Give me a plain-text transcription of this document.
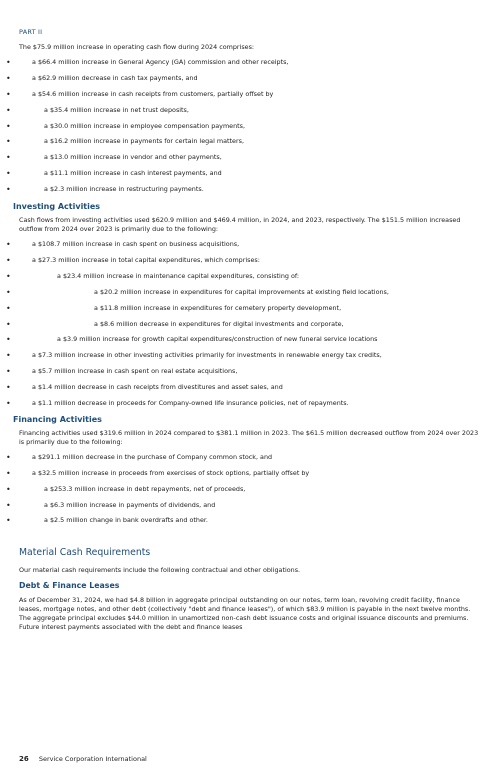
PART II

The $75.9 million increase in operating cash flow during 2024 comprises:

• a $66.4 million increase in General Agency (GA) commission and other receipts,
• a $62.9 million decrease in cash tax payments, and
• a $54.6 million increase in cash receipts from customers, partially offset by
• a $35.4 million increase in net trust deposits,
• a $30.0 million increase in employee compensation payments,
• a $16.2 million increase in payments for certain legal matters,
• a $13.0 million increase in vendor and other payments,
• a $11.1 million increase in cash interest payments, and
• a $2.3 million increase in restructuring payments.
Investing Activities

Cash flows from investing activities used $620.9 million and $469.4 million, in 2024, and 2023, respectively. The $151.5 million increased outflow from 2024 over 2023 is primarily due to the following:

• a $108.7 million increase in cash spent on business acquisitions,
• a $27.3 million increase in total capital expenditures, which comprises:
• a $23.4 million increase in maintenance capital expenditures, consisting of:
• a $20.2 million increase in expenditures for capital improvements at existing field locations,
• a $11.8 million increase in expenditures for cemetery property development,
• a $8.6 million decrease in expenditures for digital investments and corporate,
• a $3.9 million increase for growth capital expenditures/construction of new funeral service locations
• a $7.3 million increase in other investing activities primarily for investments in renewable energy tax credits,
• a $5.7 million increase in cash spent on real estate acquisitions,
• a $1.4 million decrease in cash receipts from divestitures and asset sales, and
• a $1.1 million decrease in proceeds for Company-owned life insurance policies, net of repayments.
Financing Activities

Financing activities used $319.6 million in 2024 compared to $381.1 million in 2023. The $61.5 million decreased outflow from 2024 over 2023 is primarily due to the following:

• a $291.1 million decrease in the purchase of Company common stock, and
• a $32.5 million increase in proceeds from exercises of stock options, partially offset by
• a $253.3 million increase in debt repayments, net of proceeds,
• a $6.3 million increase in payments of dividends, and
• a $2.5 million change in bank overdrafts and other.
Material Cash Requirements

Our material cash requirements include the following contractual and other obligations.

Debt & Finance Leases

As of December 31, 2024, we had $4.8 billion in aggregate principal outstanding on our notes, term loan, revolving credit facility, finance leases, mortgage notes, and other debt (collectively "debt and finance leases"), of which $83.9 million is payable in the next twelve months. The aggregate principal excludes $44.0 million in unamortized non-cash debt issuance costs and original issuance discounts and premiums. Future interest payments associated with the debt and finance leases

26 Service Corporation International
